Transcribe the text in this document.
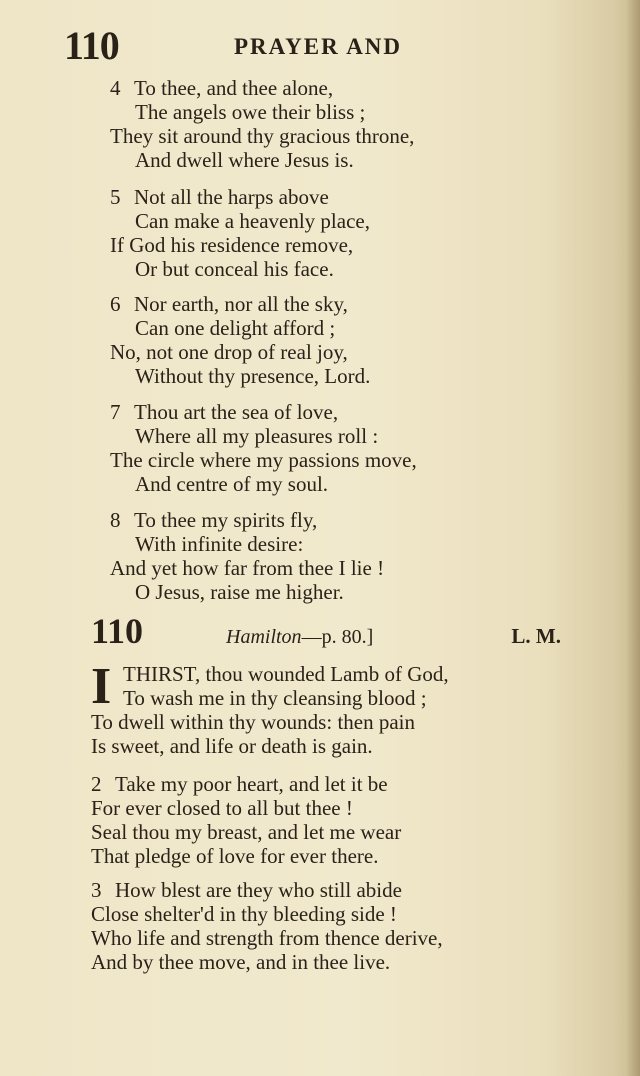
110	PRAYER AND
4 To thee, and thee alone,
The angels owe their bliss ;
They sit around thy gracious throne,
And dwell where Jesus is.
5 Not all the harps above
Can make a heavenly place,
If God his residence remove,
Or but conceal his face.
6 Nor earth, nor all the sky,
Can one delight afford ;
No, not one drop of real joy,
Without thy presence, Lord.
7 Thou art the sea of love,
Where all my pleasures roll :
The circle where my passions move,
And centre of my soul.
8 To thee my spirits fly,
With infinite desire:
And yet how far from thee I lie !
O Jesus, raise me higher.
110	Hamilton—p. 80.]	L. M.
I THIRST, thou wounded Lamb of God,
To wash me in thy cleansing blood ;
To dwell within thy wounds: then pain
Is sweet, and life or death is gain.
2 Take my poor heart, and let it be
For ever closed to all but thee !
Seal thou my breast, and let me wear
That pledge of love for ever there.
3 How blest are they who still abide
Close shelter'd in thy bleeding side !
Who life and strength from thence derive,
And by thee move, and in thee live.
